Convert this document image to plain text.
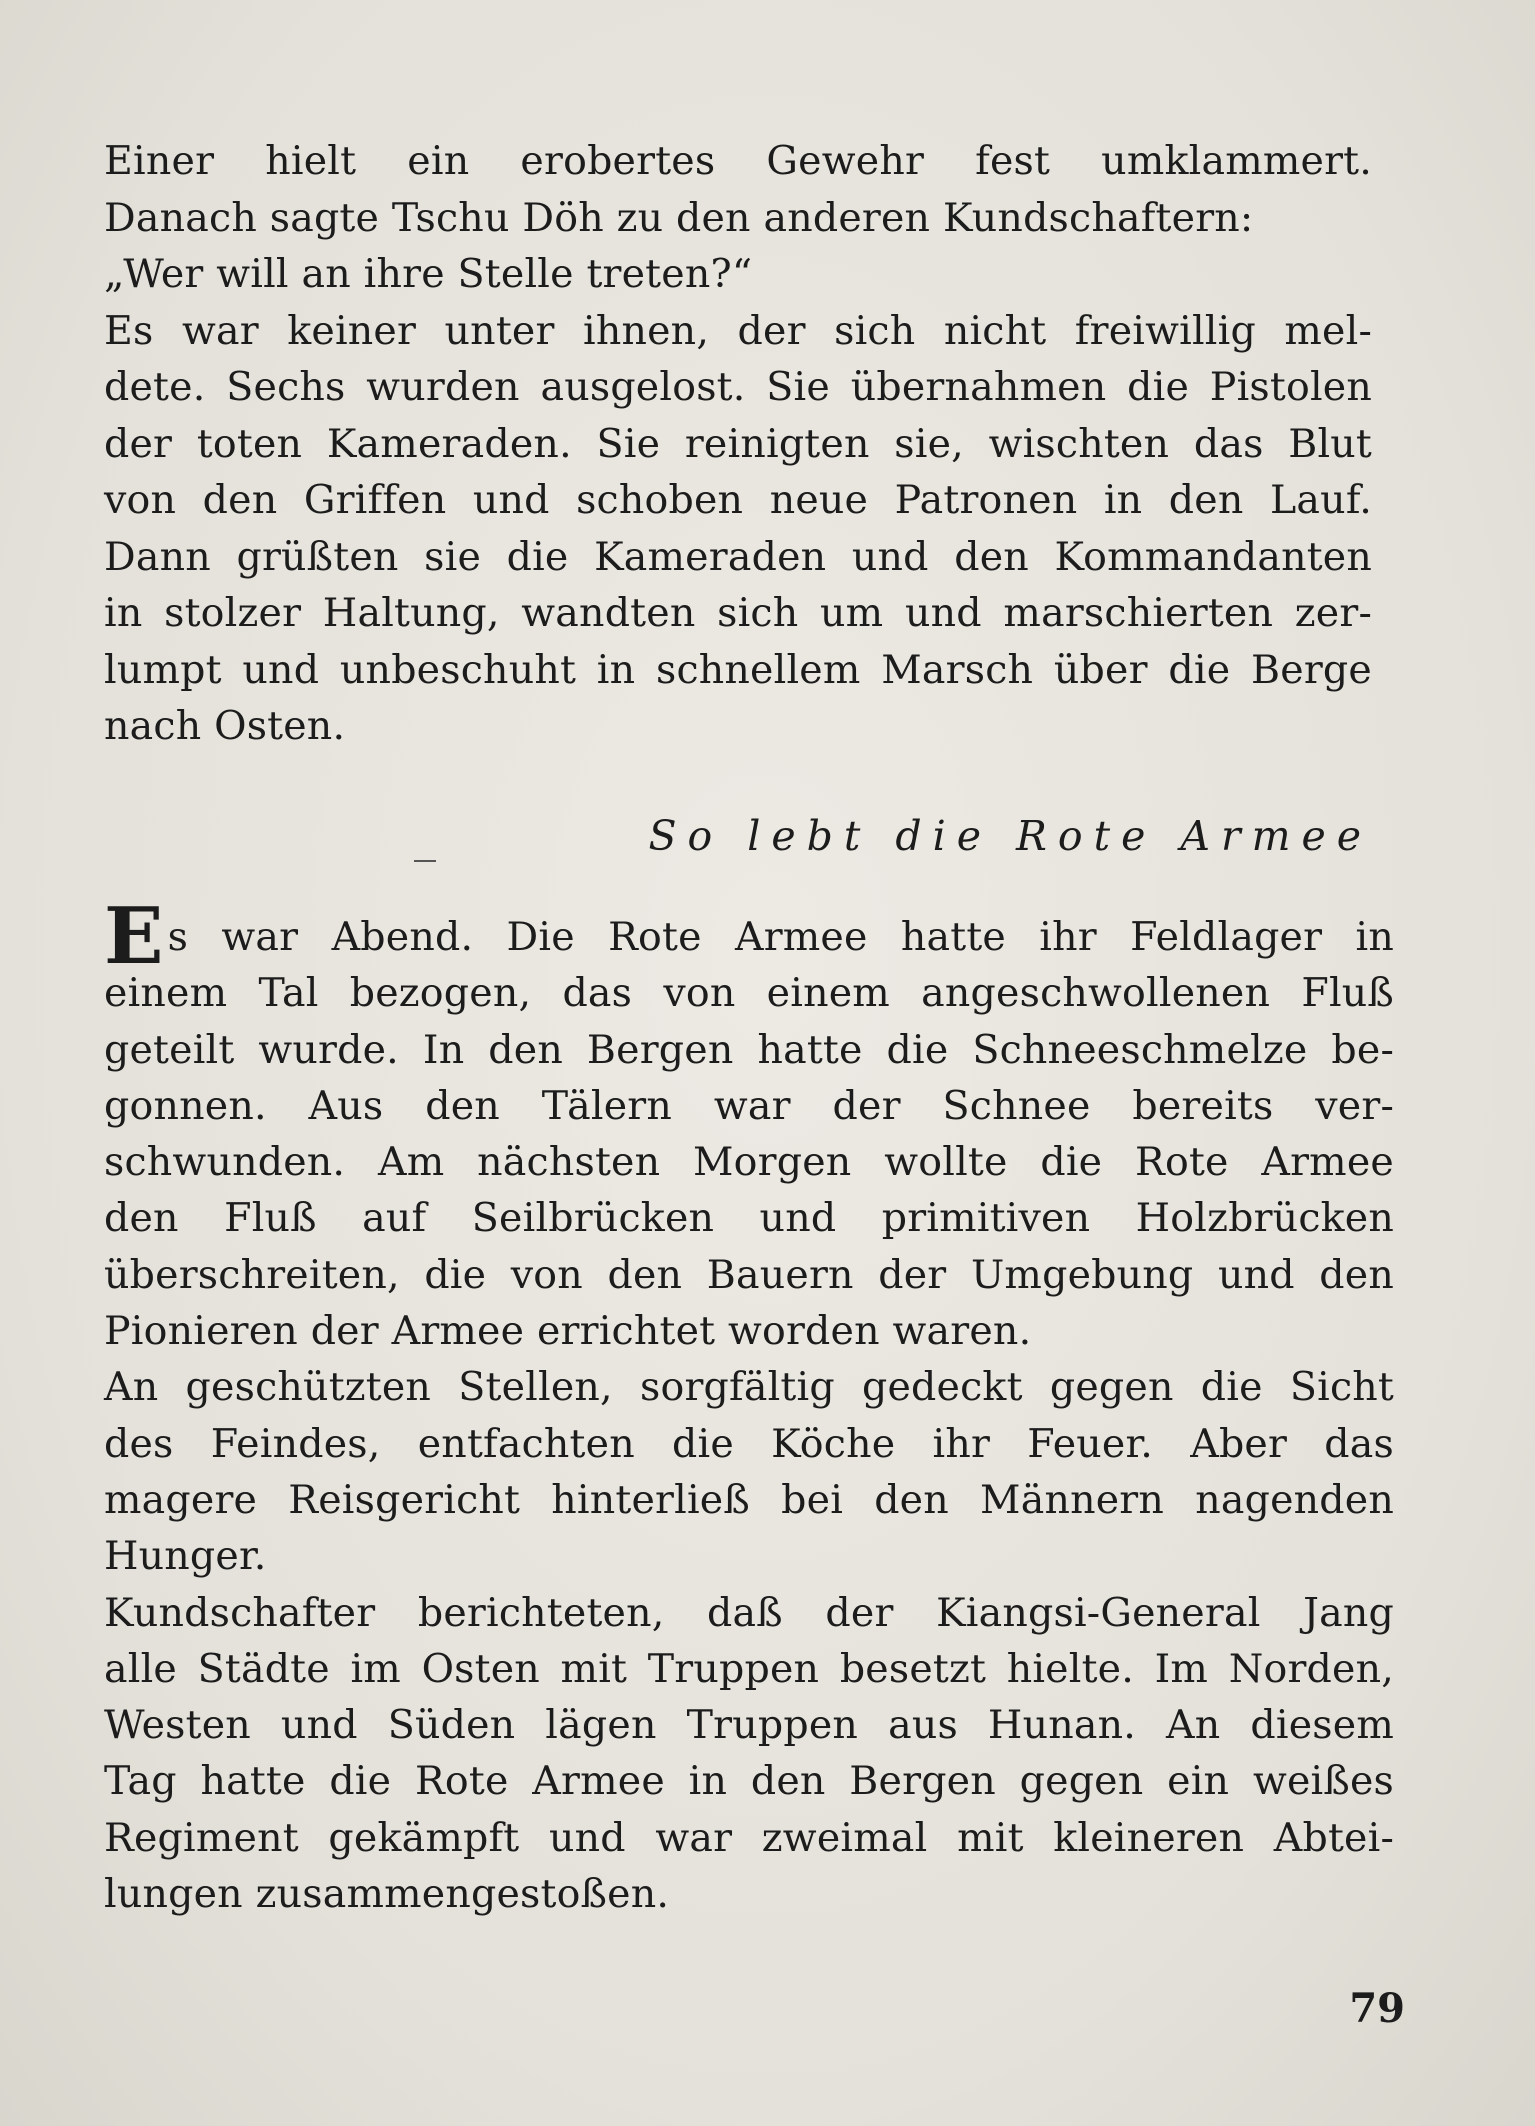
Einer hielt ein erobertes Gewehr fest umklammert.
Danach sagte Tschu Döh zu den anderen Kundschaftern:
„Wer will an ihre Stelle treten?“
Es war keiner unter ihnen, der sich nicht freiwillig mel-
dete. Sechs wurden ausgelost. Sie übernahmen die Pistolen
der toten Kameraden. Sie reinigten sie, wischten das Blut
von den Griffen und schoben neue Patronen in den Lauf.
Dann grüßten sie die Kameraden und den Kommandanten
in stolzer Haltung, wandten sich um und marschierten zer-
lumpt und unbeschuht in schnellem Marsch über die Berge
nach Osten.
So lebt die Rote Armee
Es war Abend. Die Rote Armee hatte ihr Feldlager in
einem Tal bezogen, das von einem angeschwollenen Fluß
geteilt wurde. In den Bergen hatte die Schneeschmelze be-
gonnen. Aus den Tälern war der Schnee bereits ver-
schwunden. Am nächsten Morgen wollte die Rote Armee
den Fluß auf Seilbrücken und primitiven Holzbrücken
überschreiten, die von den Bauern der Umgebung und den
Pionieren der Armee errichtet worden waren.
An geschützten Stellen, sorgfältig gedeckt gegen die Sicht
des Feindes, entfachten die Köche ihr Feuer. Aber das
magere Reisgericht hinterließ bei den Männern nagenden
Hunger.
Kundschafter berichteten, daß der Kiangsi-General Jang
alle Städte im Osten mit Truppen besetzt hielte. Im Norden,
Westen und Süden lägen Truppen aus Hunan. An diesem
Tag hatte die Rote Armee in den Bergen gegen ein weißes
Regiment gekämpft und war zweimal mit kleineren Abtei-
lungen zusammengestoßen.
79
